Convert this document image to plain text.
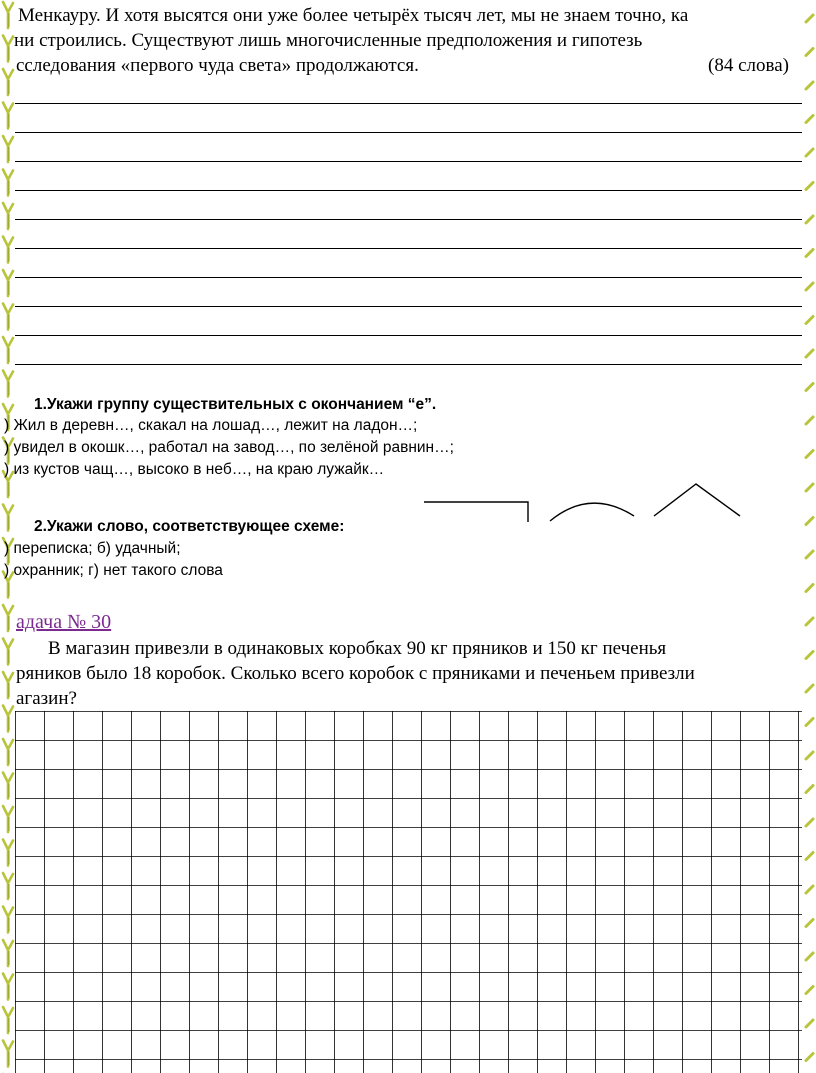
Менкауру. И хотя высятся они уже более четырёх тысяч лет, мы не знаем точно, ка
ни строились. Существуют лишь многочисленные предположения и гипотезь
сследования «первого чуда света» продолжаются.	(84 слова)
1.Укажи группу существительных с окончанием “е”.
) Жил в деревн…, скакал на лошад…, лежит на ладон…;
) увидел в окошк…, работал на завод…, по зелёной равнин…;
) из кустов чащ…, высоко в неб…, на краю лужайк…
2.Укажи слово, соответствующее схеме:
) переписка; б) удачный;
) охранник; г) нет такого слова
адача № 30
В магазин привезли в одинаковых коробках 90 кг пряников и 150 кг печенья
ряников было 18 коробок. Сколько всего коробок с пряниками и печеньем привезли
агазин?
